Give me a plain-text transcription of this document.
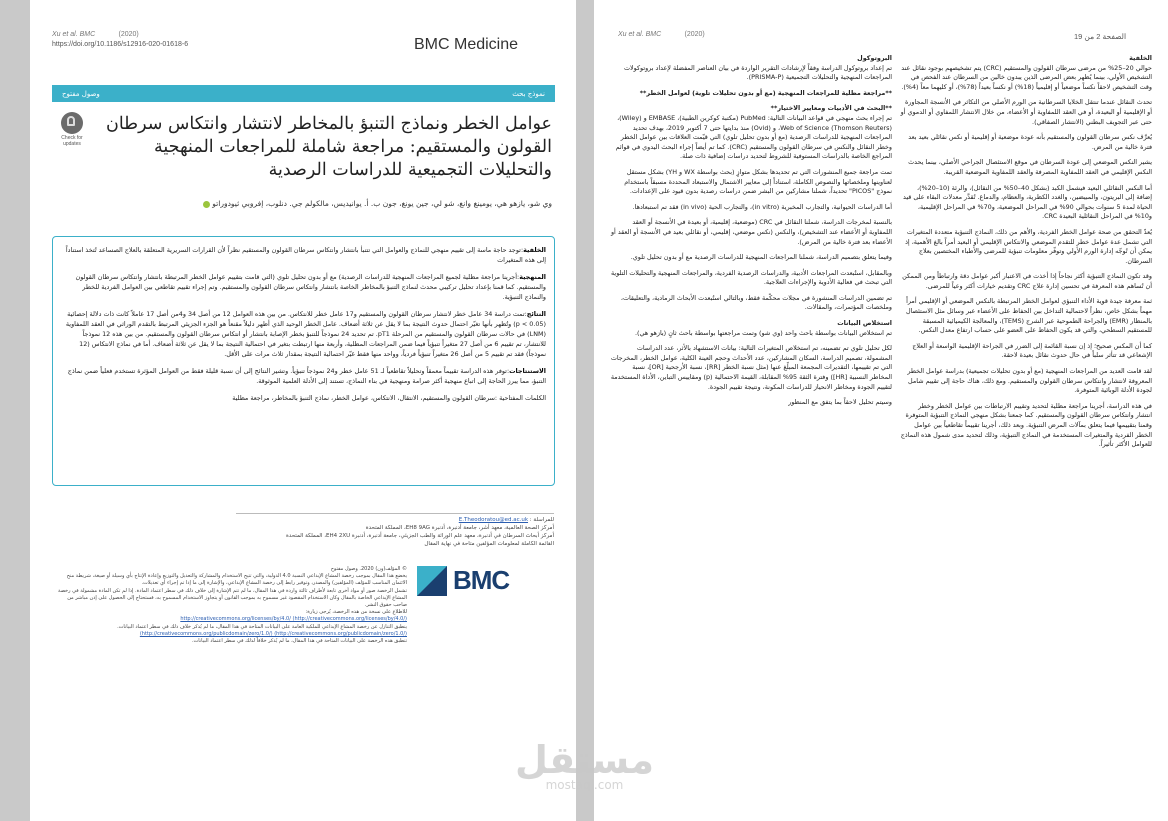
Xu et al. BMC	(2020)
https://doi.org/10.1186/s12916-020-01618-6	BMC Medicine
وصول مفتوح	نموذج بحث
Check for updates
عوامل الخطر ونماذج التنبؤ بالمخاطر لانتشار وانتكاس سرطان القولون والمستقيم: مراجعة شاملة للمراجعات المنهجية والتحليلات التجميعية للدراسات الرصدية
وي شو، يازهو هي، يومينغ وانغ، شو لي، جين يونغ، جون ب. أ. يوانيديس، مالكولم جي. دنلوب، إفروبي ثيودوراتو

الخلفية:توجد حاجة ماسة إلى تقييم منهجي للنماذج والعوامل التي تتنبأ بانتشار وانتكاس سرطان القولون والمستقيم نظراً لأن القرارات السريرية المتعلقة بالعلاج الصساعد تُتخذ استناداً إلى هذه المتغيرات

المنهجية:أجرينا مراجعة مظلية لجميع المراجعات المنهجية للدراسات الرصدية) مع أو بدون تحليل تلوي (التي قامت بتقييم عوامل الخطر المرتبطة بانتشار وانتكاس سرطان القولون والمستقيم. كما قمنا بإعداد تحليل تركيبي محدث لنماذج التنبؤ بالمخاطر الخاصة بانتشار وانتكاس سرطان القولون والمستقيم. وتم إجراء تقييم تقاطعي بين العوامل الفردية للخطر والنماذج التنبؤية.

النتائج:تمت دراسة 34 عامل خطر لانتشار سرطان القولون والمستقيم و17 عامل خطر للانتكاس. من بين هذه العوامل 12 من أصل 34 و4من أصل 17 عاملاً كانت ذات دلالة إحصائية (p < 0.05) وتُظهر بأنها تغيّر احتمال حدوث النتيجة بما لا يقل عن ثلاثة أضعاف. عامل الخطر الوحيد الذي أظهر دليلاً مقنعاً هو الجزء الجزيئي المرتبط بالتقدم الوراثي في العقد اللمفاوية (LNM) في حالات سرطان القولون والمستقيم من المرحلة pT1. تم تحديد 24 نموذجاً للتنبؤ بخطر الإصابة بانتشار أو انتكاس سرطان القولون والمستقيم. من بين هذه 12 نموذجاً للانتشار، تم تقييم 6 من أصل 27 متغيراً تنبؤياً فيما ضمن المراجعات المظلية، وأربعة منها ارتبطت بتغير في احتمالية النتيجة بما لا يقل عن ثلاثة أضعاف. أما في نماذج الانتكاس (12 نموذجاً) فقد تم تقييم 5 من أصل 26 متغيراً تنبؤياً فردياً، وواحد منها فقط غيّر احتمالية النتيجة بمقدار ثلاث مرات على الأقل.

الاستنتاجات:توفر هذه الدراسة تقييماً معمقاً وتحليلاً تقاطعياً لـ 51 عامل خطر و24 نموذجاً تنبؤياً. وتشير النتائج إلى أن نسبة قليلة فقط من العوامل المؤثرة تستخدم فعلياً ضمن نماذج التنبؤ، مما يبرز الحاجة إلى اتباع منهجية أكثر صرامة ومنهجية في بناء النماذج، تستند إلى الأدلة العلمية الموثوقة.

الكلمات المفتاحية :سرطان القولون والمستقيم، الانتقال، الانتكاس، عوامل الخطر، نماذج التنبؤ بالمخاطر، مراجعة مظلية

للمراسلة : E.Theodoratou@ed.ac.uk
أمركز الصحة العالمية، معهد أشر، جامعة أدنبرة، أدنبرة EH8 9AG، المملكة المتحدة
أمركز أبحاث السرطان في أدنبرة، معهد علم الوراثة والطب الجزيئي، جامعة أدنبرة، أدنبرة EH4 2XU، المملكة المتحدة
القائمة الكاملة لمعلومات المؤلفين متاحة في نهاية المقال
BMC
© المؤلف(ون) 2020. وصول مفتوح
يخضع هذا المقال بموجب رخصة المشاع الإبداعي النسبة 4.0 الدولية، والتي تتيح الاستخدام والمشاركة والتعديل والتوزيع وإعادة الإنتاج بأي وسيلة أو صيغة، شريطة منح الائتمان المناسب للمؤلف (المؤلفين) والمصدر، وتوفير رابط إلى رخصة المشاع الإبداعي، والإشارة إلى ما إذا تم إجراء أي تعديلات.
تشمل الرخصة صور أو مواد أخرى تابعة لأطراف ثالثة واردة في هذا المقال، ما لم تتم الإشارة إلى خلاف ذلك في سطر اعتماد المادة. إذا لم تكن المادة مشمولة في رخصة المشاع الإبداعي الخاصة بالمقال وكان الاستخدام المقصود غير مسموح به بموجب القانون أو يتجاوز الاستخدام المسموح به، فستحتاج إلى الحصول على إذن مباشر من صاحب حقوق النشر.
للاطلاع على نسخة من هذه الرخصة، يُرجى زيارة:
http://creativecommons.org/licenses/by/4.0/ (http://creativecommons.org/licenses/by/4.0/)
ينطبق التنازل عن رخصة المشاع الإبداعي للملكية العامة على البيانات المتاحة في هذا المقال، ما لم يُذكر خلاف ذلك في سطر اعتماد البيانات.
(http://creativecommons.org/publicdomain/zero/1.0/) (http://creativecommons.org/publicdomain/zero/1.0/)
تنطبق هذه الرخصة على البيانات المتاحة في هذا المقال، ما لم يُذكر خلافاً لذلك في سطر اعتماد البيانات.
Xu et al. BMC	(2020)	الصفحة 2 من 19
الخلفية

حوالي 20–25% من مرضى سرطان القولون والمستقيم (CRC) يتم تشخيصهم بوجود نقائل عند التشخيص الأولي، بينما يُظهر بعض المرضى الذين يبدون خالين من السرطان عند الفحص في وقت التشخيص لاحقاً نكساً موضعياً أو إقليمياً (18%) أو نكساً بعيداً (78%)، أو كليهما معاً (4%).

تحدث النقائل عندما تنتقل الخلايا السرطانية من الورم الأصلي من التكاثر في الأنسجة المجاورة أو الإقليمية أو البعيدة، أو في العقد اللمفاوية أو الأعضاء، من خلال الانتشار اللمفاوي أو الدموي أو حتى عبر التجويف البطني (الانتشار الصفاقي).

يُعرَّف نكس سرطان القولون والمستقيم بأنه عودة موضعية أو إقليمية أو نكس نقائلي بعيد بعد فترة خالية من المرض.

يشير النكس الموضعي إلى عودة السرطان في موقع الاستئصال الجراحي الأصلي، بينما يحدث النكس الإقليمي في العقد اللمفاوية المصرفة والعقد اللمفاوية الموضعية القريبة.

أما النكس النقائلي البعيد فيشمل الكبد (بشكل 40–50% من النقائل)، والرئة (10–20%)، إضافة إلى البريتون، والمبيضين، والغدد الكظرية، والعظام، والدماغ. تُقدَّر معدلات البقاء على قيد الحياة لمدة 5 سنوات بحوالي 90% في المراحل الموضعية، و70% في المراحل الإقليمية، و10% في المراحل النقائلية البعيدة CRC.

يُعدّ التحقق من صحة عوامل الخطر الفردية، والأهم من ذلك، النماذج التنبؤية متعددة المتغيرات التي تشمل عدة عوامل خطر للتقدم الموضعي والانتكاس الإقليمي أو البعيد أمراً بالغ الأهمية، إذ يمكن أن تُوجّه إدارة الورم الأولي وتوفّر معلومات تنبؤية للمرضى والأطباء المختصين بعلاج السرطان.

وقد تكون النماذج التنبؤية أكثر نجاحاً إذا أخذت في الاعتبار أكبر عوامل دقة وارتباطاً ومن الممكن أن تُساهم هذه المعرفة في تحسين إدارة علاج CRC وتقديم خيارات أكثر وعياً للمرضى.

ثمة معرفة جيدة قوية الأداء التنبؤي لعوامل الخطر المرتبطة بالنكس الموضعي أو الإقليمي أمراً مهماً بشكل خاص، نظراً لاحتمالية التداخل بين الحفاظ على الأعضاء عبر وسائل مثل الاستئصال بالمنظار (EMR) والجراحة الطموحية عبر الشرج (TEMS)، والمعالجة الكيميائية المسبقة للمستقيم السطحي، والتي قد يكون الحفاظ على العضو على حساب ارتفاع معدل النكس.

كما أن المكس صحيح؛ إذ إن نسبة القائمة إلى الضرر في الجراحة الإقليمية الواسعة أو العلاج الإشعاعي قد تتأثر سلباً في حال حدوث نقائل بعيدة لاحقة.

لقد قامت العديد من المراجعات المنهجية (مع أو بدون تحليلات تجميعية) بدراسة عوامل الخطر المعروفة لانتشار وانتكاس سرطان القولون والمستقيم. ومع ذلك، هناك حاجة إلى تقييم شامل لجودة الأدلة الوبائية المتوفرة.

في هذه الدراسة، أجرينا مراجعة مظلية لتحديد وتقييم الارتباطات بين عوامل الخطر وخطر انتشار وانتكاس سرطان القولون والمستقيم. كما جمعنا بشكل منهجي النماذج التنبؤية المتوفرة وقمنا بتقييمها فيما يتعلق بمآلات المرض التنبؤية. وبعد ذلك، أجرينا تقييماً تقاطعياً بين عوامل الخطر الفردية والمتغيرات المستخدمة في النماذج التنبؤية، وذلك لتحديد مدى شمول هذه النماذج للعوامل الأكثر تأثيراً.

البروتوكول

تم إعداد بروتوكول الدراسة وفقاً لإرشادات التقرير الواردة في بيان العناصر المفضلة لإعداد بروتوكولات المراجعات المنهجية والتحليلات التجميعية (PRISMA-P).

**مراجعة مظلية للمراجعات المنهجية (مع أو بدون تحليلات تلوية) لعوامل الخطر**
**البحث في الأدبيات ومعايير الاختيار**

تم إجراء بحث منهجي في قواعد البيانات التالية: PubMed (مكتبة كوكرين الطبية)، EMBASE و (Wiley)، Web of Science (Thomson Reuters)، و (Ovid) منذ بدايتها حتى 7 أكتوبر 2019، بهدف تحديد المراجعات المنهجية للدراسات الرصدية (مع أو بدون تحليل تلوي) التي قيّمت العلاقات بين عوامل الخطر وخطر النقائل والنكس في سرطان القولون والمستقيم (CRC). كما تم أيضاً إجراء البحث اليدوي في قوائم المراجع الخاصة بالدراسات المستوفية للشروط لتحديد دراسات إضافية ذات صلة.

تمت مراجعة جميع المنشورات التي تم تحديدها بشكل متوازٍ (بحث بواسطة WX و YH) بشكل مستقل لعناوينها وملخصاتها والنصوص الكاملة، استناداً إلى معايير الاشتمال والاستبعاد المحددة مسبقاً باستخدام نموذج "PICOS" تحديداً، شملنا مشاركين من البشر ضمن دراسات رصدية بدون قيود على الإعدادات.

أما الدراسات الحيوانية، والتجارب المخبرية (in vitro)، والتجارب الحية (in vivo) فقد تم استبعادها.

بالنسبة لمخرجات الدراسة، شملنا النقائل في CRC (موضعية، إقليمية، أو بعيدة في الأنسجة أو العقد اللمفاوية أو الأعضاء عند التشخيص)، والنكس (نكس موضعي، إقليمي، أو نقائلي بعيد في الأنسجة أو العقد أو الأعضاء بعد فترة خالية من المرض).

وفيما يتعلق بتصميم الدراسة، شملنا المراجعات المنهجية للدراسات الرصدية مع أو بدون تحليل تلوي.

وبالمقابل، استُبعدت المراجعات الأدبية، والدراسات الرصدية الفردية، والمراجعات المنهجية والتحليلات التلوية التي تبحث في فعالية الأدوية والإجراءات العلاجية.

تم تضمين الدراسات المنشورة في مجلات محكّمة فقط، وبالتالي استُبعدت الأبحاث الرمادية، والتعليقات، وملخصات المؤتمرات، والمقالات.

استخلاص البيانات

تم استخلاص البيانات بواسطة باحث واحد (وي شو) وتمت مراجعتها بواسطة باحث ثانٍ (يازهو هي).

لكل تحليل تلوي تم تضمينه، تم استخلاص المتغيرات التالية: بيانات الاستشهاد بالأثر، عدد الدراسات المشمولة، تصميم الدراسة، السكان المشاركين، عدد الأحداث وحجم العينة الكلية، عوامل الخطر، المخرجات التي تم تقييمها، التقديرات المجمعة المبلّغ عنها (مثل نسبة الخطر [RR]، نسبة الأرجحية [OR]، نسبة المخاطر النسبية [HR]) وفترة الثقة 95% المقابلة، القيمة الاحتمالية (p) ومقاييس التباين، الأداة المستخدمة لتقييم الجودة ومخاطر الانحياز للدراسات المكونة، ونتيجة تقييم الجودة.

وسيتم تحليل لاحقاً بما يتفق مع المنظور

مستقل
mostaql.com
